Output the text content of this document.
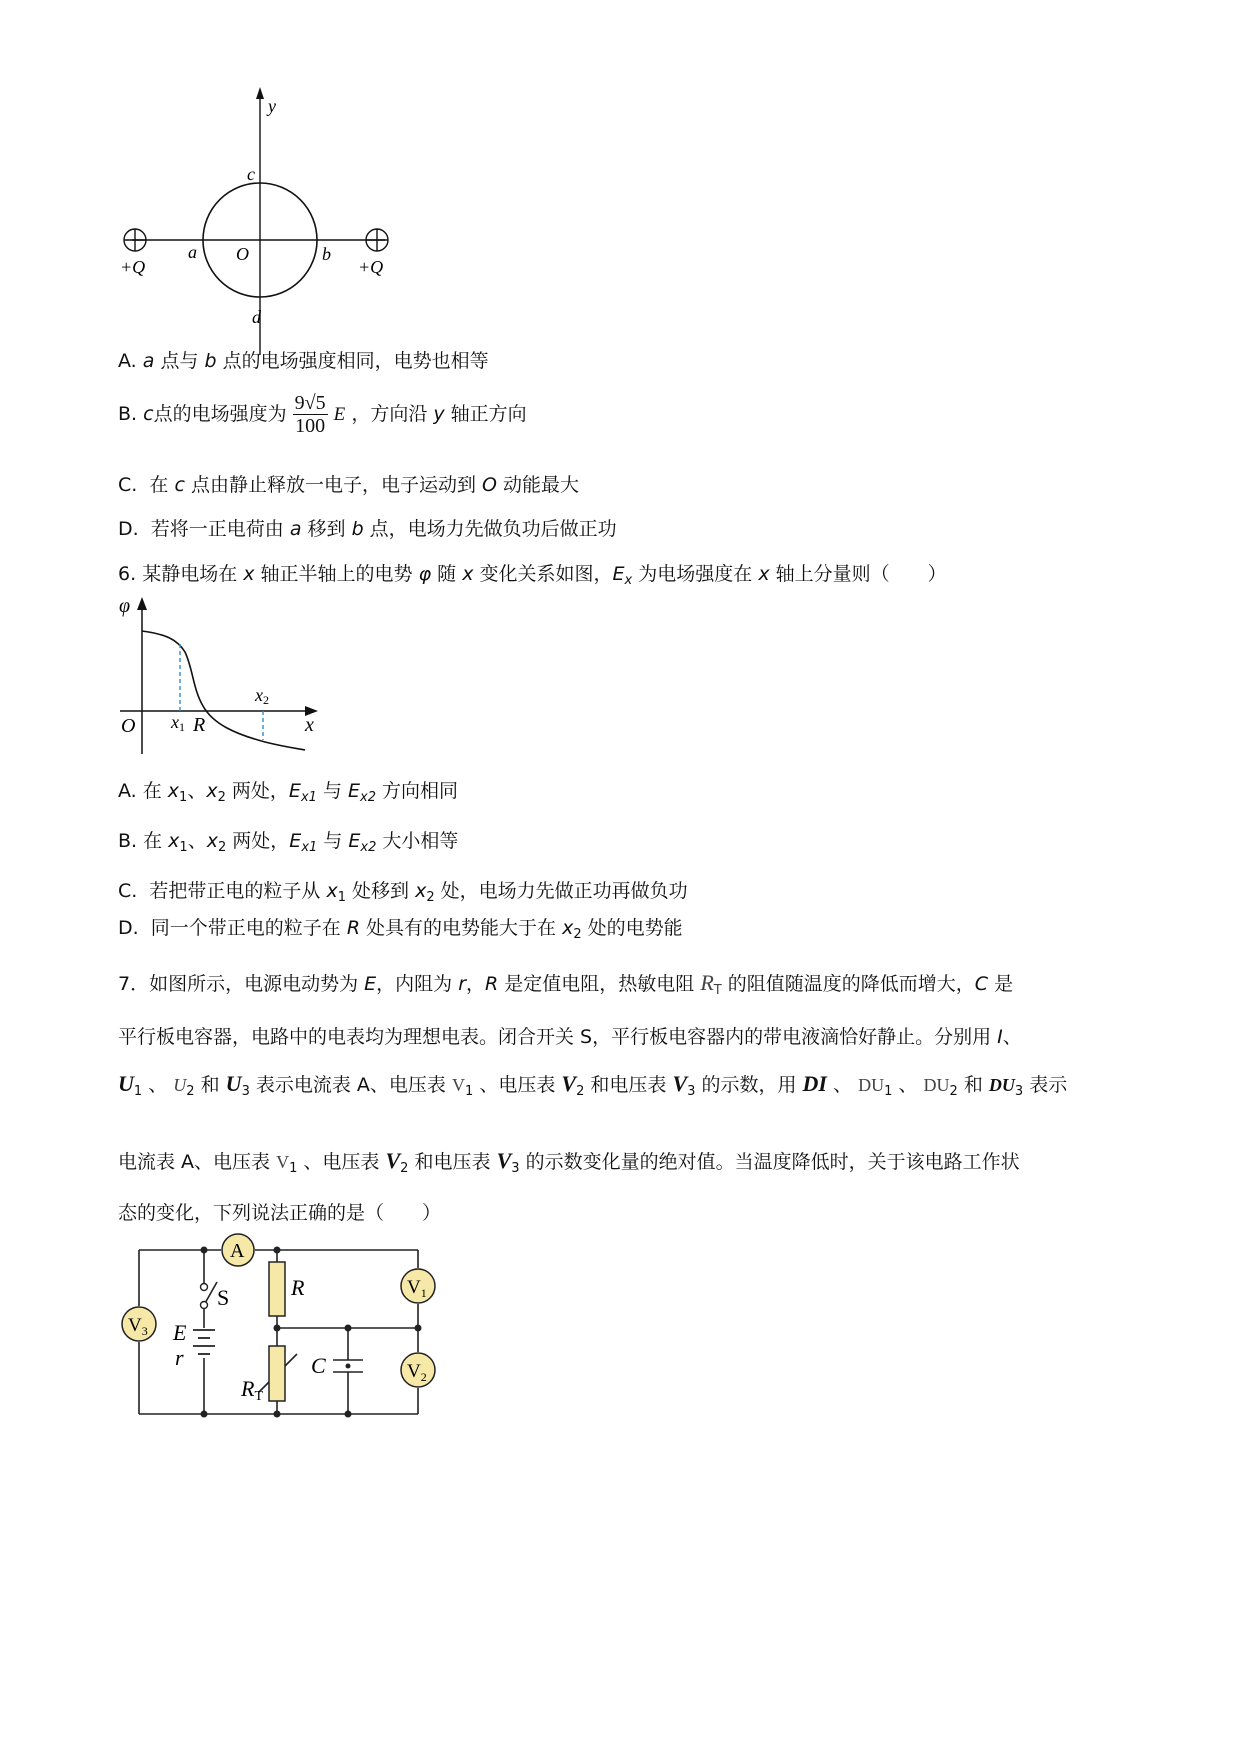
y
c
a O	b
d
+Q	+Q
A. a 点与 b 点的电场强度相同，电势也相等
B. c点的电场强度为 $\frac{9√5}{100}$ E ，方向沿 y 轴正方向
C. 在 c 点由静止释放一电子，电子运动到 O 动能最大
D. 若将一正电荷由 a 移到 b 点，电场力先做负功后做正功
6. 某静电场在 x 轴正半轴上的电势 φ 随 x 变化关系如图，$E_x$ 为电场强度在 x 轴上分量则（　　）
φ
O x1 R
x2
x
A. 在 $x_1$、$x_2$ 两处，$E_{x1}$ 与 $E_{x2}$ 方向相同
B. 在 $x_1$、$x_2$ 两处，$E_{x1}$ 与 $E_{x2}$ 大小相等
C. 若把带正电的粒子从 $x_1$ 处移到 $x_2$ 处，电场力先做正功再做负功
D. 同一个带正电的粒子在 R 处具有的电势能大于在 $x_2$ 处的电势能
7．如图所示，电源电动势为 E，内阻为 r，R 是定值电阻，热敏电阻 $R_T$ 的阻值随温度的降低而增大，C 是
平行板电容器，电路中的电表均为理想电表。闭合开关 S，平行板电容器内的带电液滴恰好静止。分别用 I、
$U_1$ 、 $U_2$ 和 $U_3$ 表示电流表 A、电压表 $V_1$ 、电压表 $V_2$ 和电压表 $V_3$ 的示数，用 DI 、 $DU_1$ 、 $DU_2$ 和 $DU_3$ 表示
电流表 A、电压表 $V_1$ 、电压表 $V_2$ 和电压表 $V_3$ 的示数变化量的绝对值。当温度降低时，关于该电路工作状
态的变化，下列说法正确的是（　　）
A
$V_1$
$V_2$
$V_3$
S	R
E
r	C
RT
